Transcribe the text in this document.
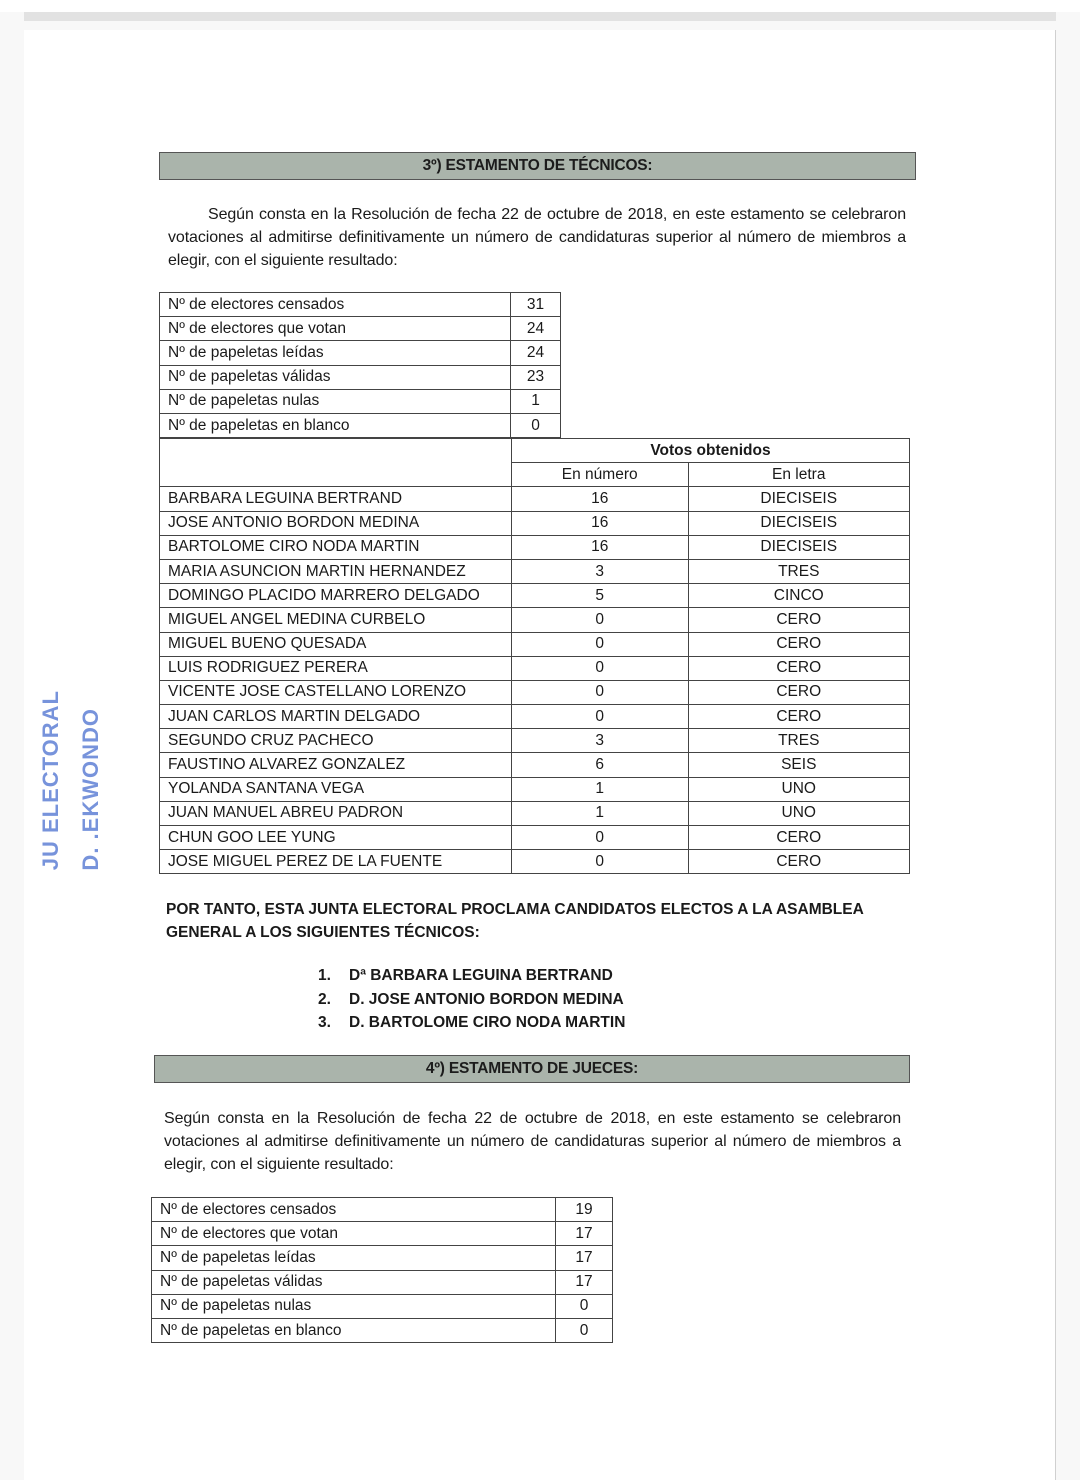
3º) ESTAMENTO DE TÉCNICOS:

Según consta en la Resolución de fecha 22 de octubre de 2018, en este estamento se celebraron votaciones al admitirse definitivamente un número de candidaturas superior al número de miembros a elegir, con el siguiente resultado:

Nº de electores censados	31
Nº de electores que votan	24
Nº de papeletas leídas	24
Nº de papeletas válidas	23
Nº de papeletas nulas	1
Nº de papeletas en blanco	0
	Votos obtenidos	
	En número	En letra
BARBARA LEGUINA BERTRAND	16	DIECISEIS
JOSE ANTONIO BORDON MEDINA	16	DIECISEIS
BARTOLOME CIRO NODA MARTIN	16	DIECISEIS
MARIA ASUNCION MARTIN HERNANDEZ	3	TRES
DOMINGO PLACIDO MARRERO DELGADO	5	CINCO
MIGUEL ANGEL MEDINA CURBELO	0	CERO
MIGUEL BUENO QUESADA	0	CERO
LUIS RODRIGUEZ PERERA	0	CERO
VICENTE JOSE CASTELLANO LORENZO	0	CERO
JUAN CARLOS MARTIN DELGADO	0	CERO
SEGUNDO CRUZ PACHECO	3	TRES
FAUSTINO ALVAREZ GONZALEZ	6	SEIS
YOLANDA SANTANA VEGA	1	UNO
JUAN MANUEL ABREU PADRON	1	UNO
CHUN GOO LEE YUNG	0	CERO
JOSE MIGUEL PEREZ DE LA FUENTE	0	CERO
POR TANTO, ESTA JUNTA ELECTORAL PROCLAMA CANDIDATOS ELECTOS A LA ASAMBLEA GENERAL A LOS SIGUIENTES TÉCNICOS:
1.	Dª BARBARA LEGUINA BERTRAND
2.	D. JOSE ANTONIO BORDON MEDINA
3.	D. BARTOLOME CIRO NODA MARTIN
4º) ESTAMENTO DE JUECES:

Según consta en la Resolución de fecha 22 de octubre de 2018, en este estamento se celebraron votaciones al admitirse definitivamente un número de candidaturas superior al número de miembros a elegir, con el siguiente resultado:

Nº de electores censados	19
Nº de electores que votan	17
Nº de papeletas leídas	17
Nº de papeletas válidas	17
Nº de papeletas nulas	0
Nº de papeletas en blanco	0
JU ELECTORAL D. .EKWONDO
